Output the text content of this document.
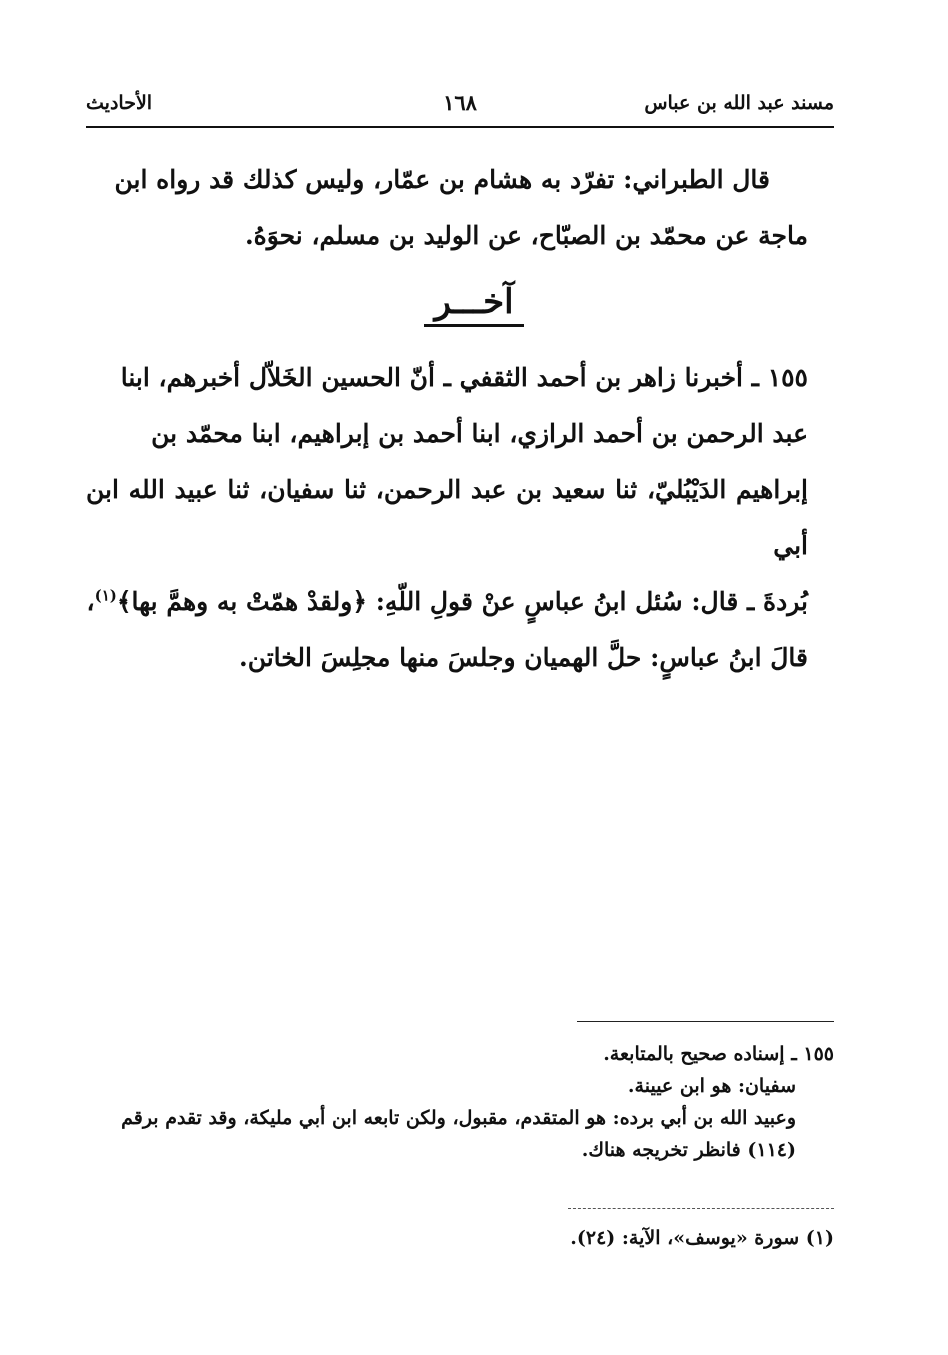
مسند عبد الله بن عباس
١٦٨
الأحاديث
قال الطبراني: تفرّد به هشام بن عمّار، وليس كذلك قد رواه ابن
ماجة عن محمّد بن الصبّاح، عن الوليد بن مسلم، نحوَهُ.
آخـــر
١٥٥ ـ أخبرنا زاهر بن أحمد الثقفي ـ أنّ الحسين الخَلاّل أخبرهم، ابنا
عبد الرحمن بن أحمد الرازي، ابنا أحمد بن إبراهيم، ابنا محمّد بن
إبراهيم الدَيْبُليّ، ثنا سعيد بن عبد الرحمن، ثنا سفيان، ثنا عبيد الله ابن أبي
بُردةَ ـ قال: سُئل ابنُ عباسٍ عنْ قولِ اللّهِ: ﴿ولقدْ همّتْ به وهمَّ بها﴾$^{(١)}$،
قالَ ابنُ عباسٍ: حلَّ الهميان وجلسَ منها مجلِسَ الخاتن.
١٥٥ ـ إسناده صحيح بالمتابعة.
سفيان: هو ابن عيينة.
وعبيد الله بن أبي برده: هو المتقدم، مقبول، ولكن تابعه ابن أبي مليكة، وقد تقدم برقم
(١١٤) فانظر تخريجه هناك.
(١) سورة «يوسف»، الآية: (٢٤).
